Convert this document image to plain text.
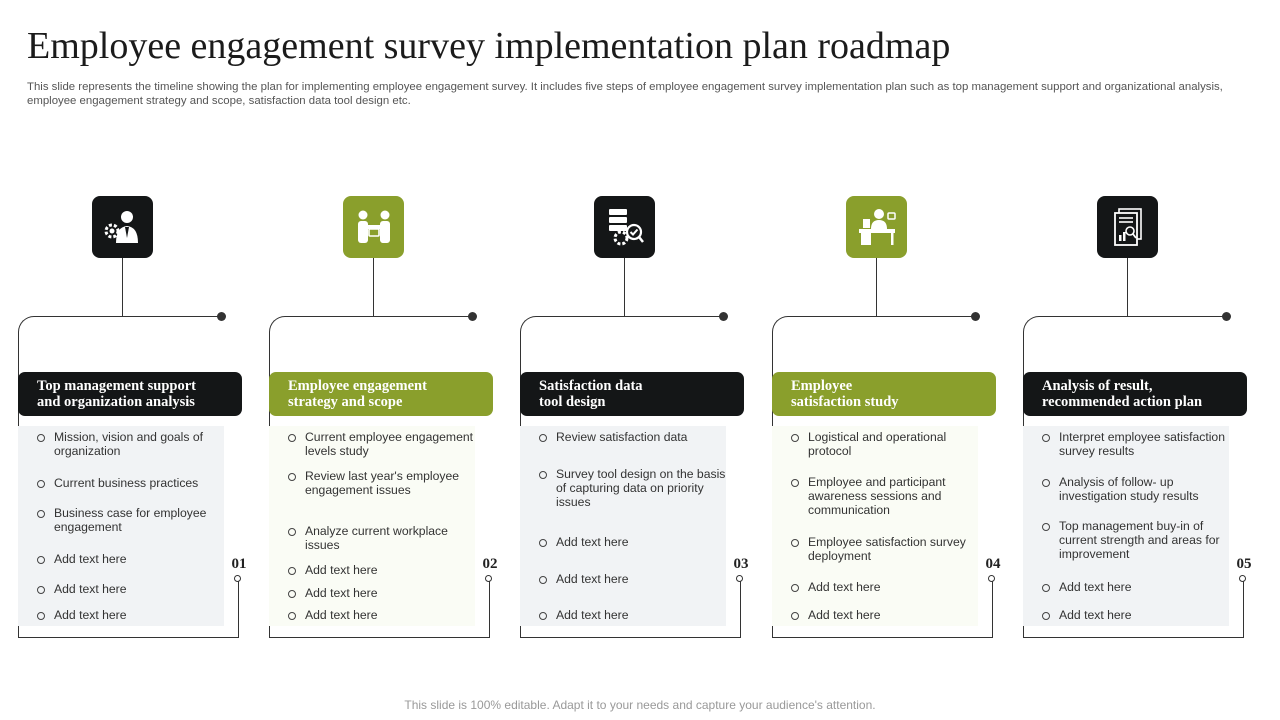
Employee engagement survey implementation plan roadmap
This slide represents the timeline showing the plan for implementing employee engagement survey. It includes five steps of employee engagement survey implementation plan such as top management support and organizational analysis, employee engagement strategy and scope, satisfaction data tool design etc.
01
Top management support
and organization analysis
Mission, vision and goals of organization
Current business practices
Business case for employee engagement
Add text here
Add text here
Add text here
02
Employee engagement
strategy and scope
Current employee engagement levels study
Review last year's employee engagement issues
Analyze current workplace issues
Add text here
Add text here
Add text here
03
Satisfaction data
tool design
Review satisfaction data
Survey tool design on the basis of capturing data on priority issues
Add text here
Add text here
Add text here
04
Employee
satisfaction study
Logistical and operational protocol
Employee and participant awareness sessions and communication
Employee satisfaction survey deployment
Add text here
Add text here
05
Analysis of result,
recommended action plan
Interpret employee satisfaction survey results
Analysis of follow- up investigation study results
Top management buy-in of current strength and areas for improvement
Add text here
Add text here
This slide is 100% editable. Adapt it to your needs and capture your audience's attention.
